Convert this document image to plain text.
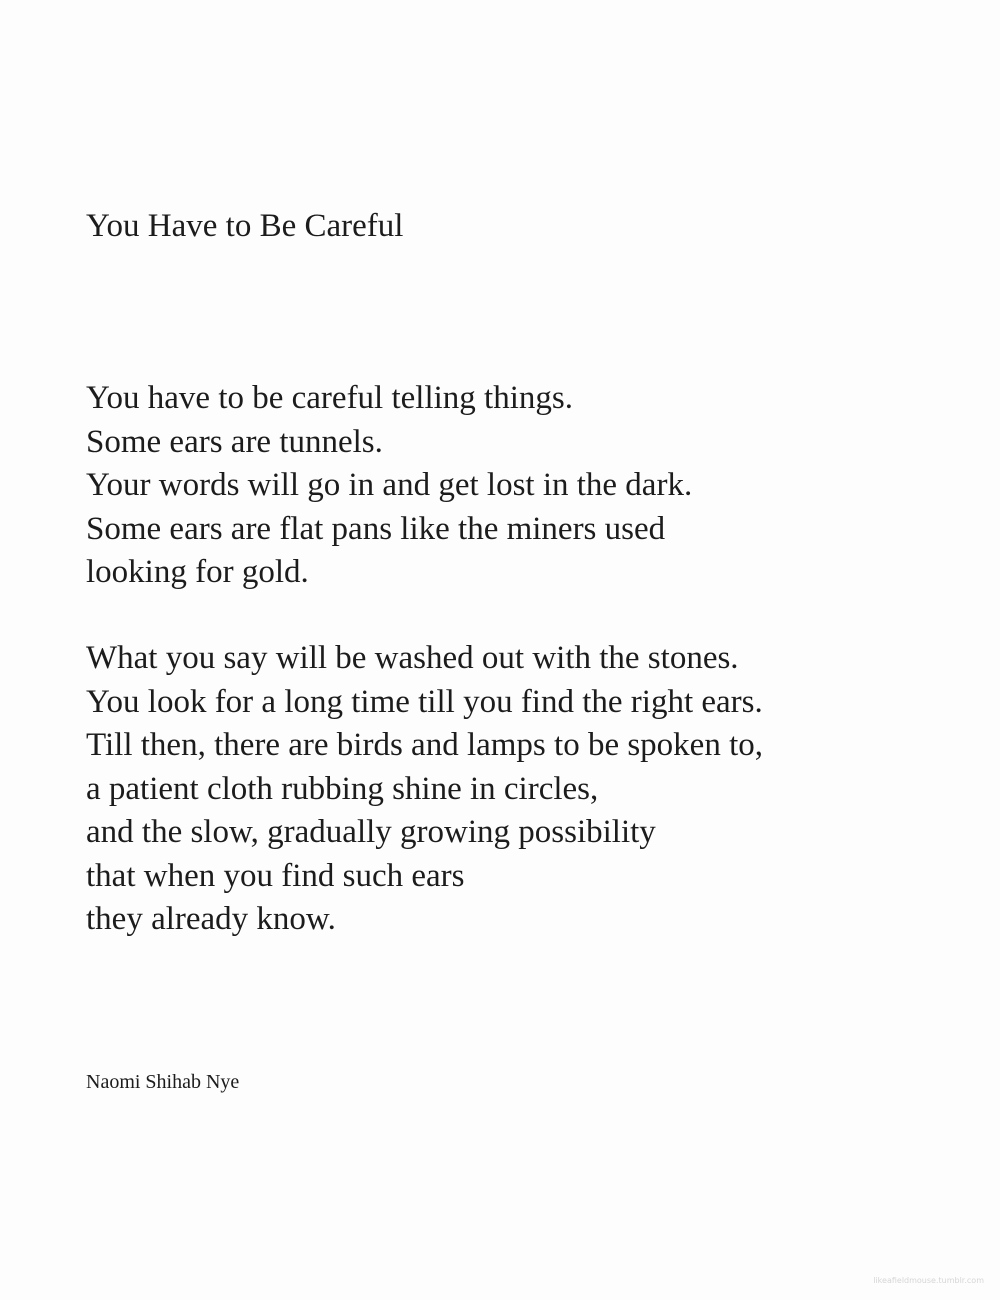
You Have to Be Careful
You have to be careful telling things.
Some ears are tunnels.
Your words will go in and get lost in the dark.
Some ears are flat pans like the miners used
looking for gold.
What you say will be washed out with the stones.
You look for a long time till you find the right ears.
Till then, there are birds and lamps to be spoken to,
a patient cloth rubbing shine in circles,
and the slow, gradually growing possibility
that when you find such ears
they already know.

Naomi Shihab Nye

likeafieldmouse.tumblr.com
